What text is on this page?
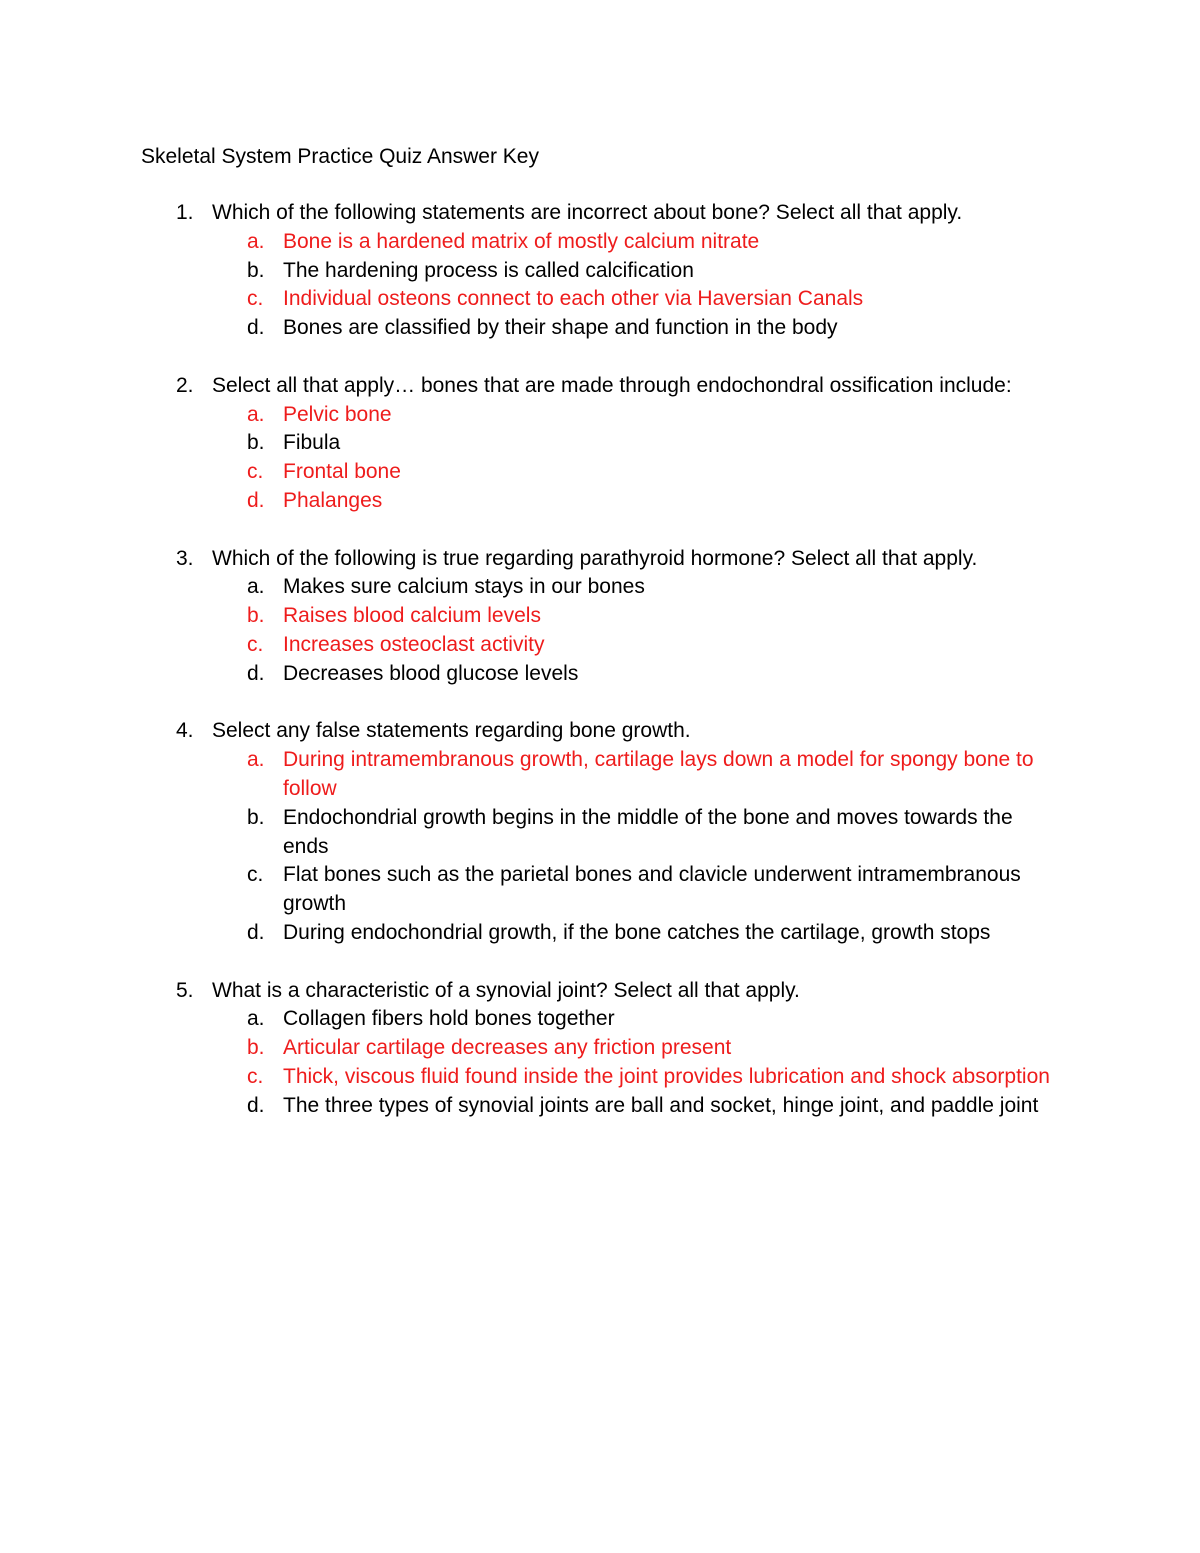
Skeletal System Practice Quiz Answer Key
1. Which of the following statements are incorrect about bone? Select all that apply.
a. Bone is a hardened matrix of mostly calcium nitrate
b. The hardening process is called calcification
c. Individual osteons connect to each other via Haversian Canals
d. Bones are classified by their shape and function in the body
2. Select all that apply… bones that are made through endochondral ossification include:
a. Pelvic bone
b. Fibula
c. Frontal bone
d. Phalanges
3. Which of the following is true regarding parathyroid hormone? Select all that apply.
a. Makes sure calcium stays in our bones
b. Raises blood calcium levels
c. Increases osteoclast activity
d. Decreases blood glucose levels
4. Select any false statements regarding bone growth.
a. During intramembranous growth, cartilage lays down a model for spongy bone to follow
b. Endochondrial growth begins in the middle of the bone and moves towards the ends
c. Flat bones such as the parietal bones and clavicle underwent intramembranous growth
d. During endochondrial growth, if the bone catches the cartilage, growth stops
5. What is a characteristic of a synovial joint? Select all that apply.
a. Collagen fibers hold bones together
b. Articular cartilage decreases any friction present
c. Thick, viscous fluid found inside the joint provides lubrication and shock absorption
d. The three types of synovial joints are ball and socket, hinge joint, and paddle joint
